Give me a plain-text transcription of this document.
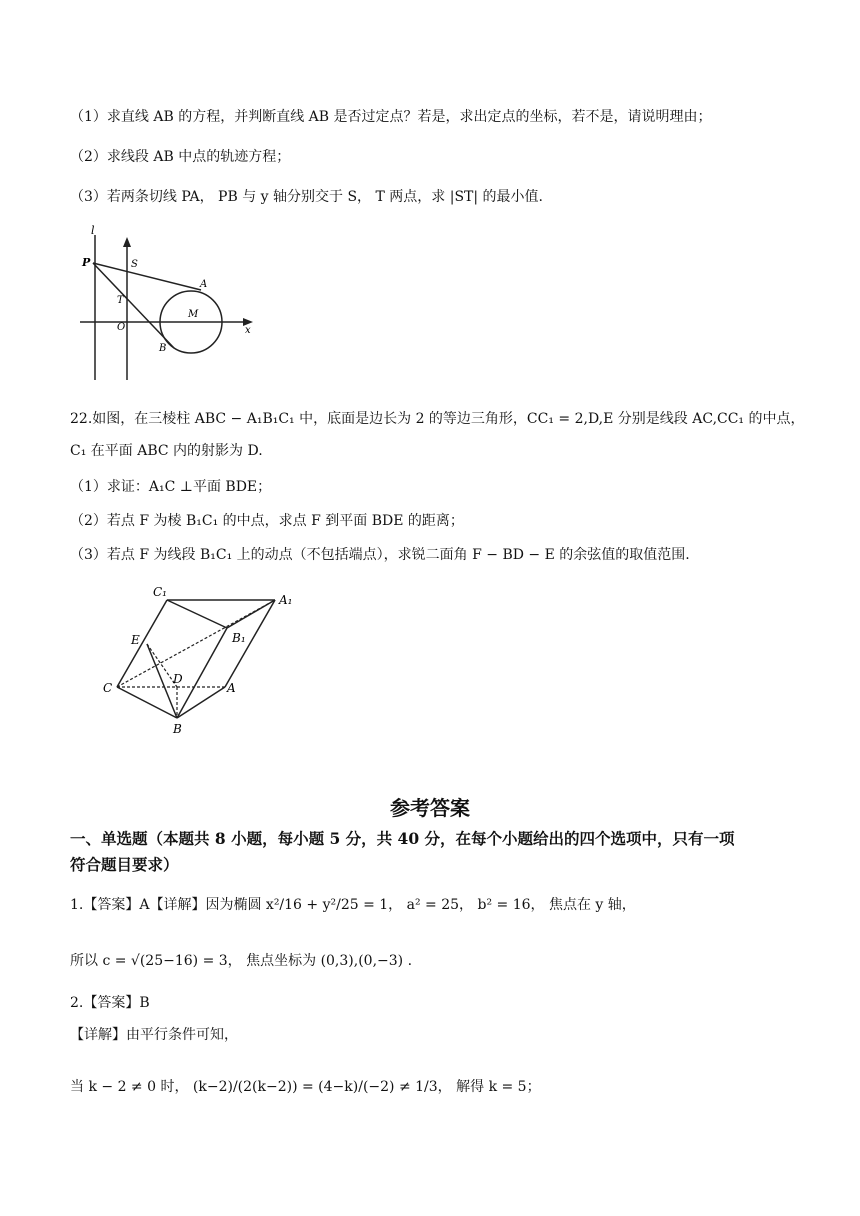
（1）求直线 AB 的方程，并判断直线 AB 是否过定点？若是，求出定点的坐标，若不是，请说明理由；
（2）求线段 AB 中点的轨迹方程；
（3）若两条切线 PA， PB 与 y 轴分别交于 S， T 两点，求 |ST| 的最小值.
l
P	S
A
T
O
M
B
x
22.如图，在三棱柱 ABC − A₁B₁C₁ 中，底面是边长为 2 的等边三角形，CC₁ = 2,D,E 分别是线段 AC,CC₁ 的中点，
C₁ 在平面 ABC 内的射影为 D.
（1）求证：A₁C ⊥平面 BDE；
（2）若点 F 为棱 B₁C₁ 的中点，求点 F 到平面 BDE 的距离；
（3）若点 F 为线段 B₁C₁ 上的动点（不包括端点），求锐二面角 F − BD − E 的余弦值的取值范围.
C₁
A₁
E	B₁
C
D
A
B
参考答案
一、单选题（本题共 8 小题，每小题 5 分，共 40 分，在每个小题给出的四个选项中，只有一项
符合题目要求）
1.【答案】A【详解】因为椭圆 x²/16 + y²/25 = 1， a² = 25， b² = 16， 焦点在 y 轴，
所以 c = √(25−16) = 3， 焦点坐标为 (0,3),(0,−3) .
2.【答案】B
【详解】由平行条件可知，
当 k − 2 ≠ 0 时， (k−2)/(2(k−2)) = (4−k)/(−2) ≠ 1/3， 解得 k = 5；
